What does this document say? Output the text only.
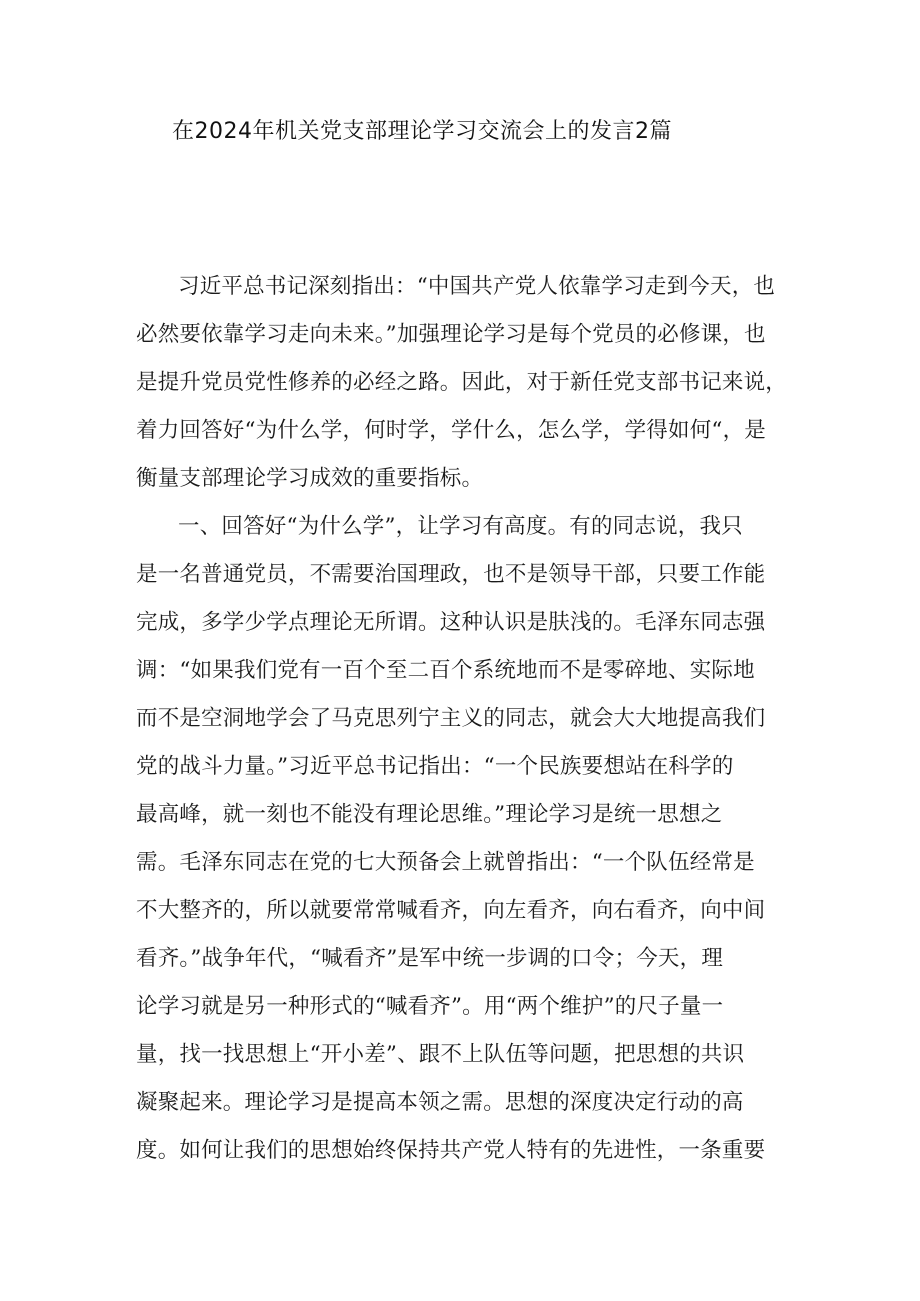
在2024年机关党支部理论学习交流会上的发言2篇

习近平总书记深刻指出：“中国共产党人依靠学习走到今天，也

必然要依靠学习走向未来。”加强理论学习是每个党员的必修课，也

是提升党员党性修养的必经之路。因此，对于新任党支部书记来说，

着力回答好“为什么学，何时学，学什么，怎么学，学得如何“，是

衡量支部理论学习成效的重要指标。

一、回答好“为什么学”，让学习有高度。有的同志说，我只

是一名普通党员，不需要治国理政，也不是领导干部，只要工作能

完成，多学少学点理论无所谓。这种认识是肤浅的。毛泽东同志强

调：“如果我们党有一百个至二百个系统地而不是零碎地、实际地

而不是空洞地学会了马克思列宁主义的同志，就会大大地提高我们

党的战斗力量。”习近平总书记指出：“一个民族要想站在科学的

最高峰，就一刻也不能没有理论思维。”理论学习是统一思想之

需。毛泽东同志在党的七大预备会上就曾指出：“一个队伍经常是

不大整齐的，所以就要常常喊看齐，向左看齐，向右看齐，向中间

看齐。”战争年代，“喊看齐”是军中统一步调的口令；今天，理

论学习就是另一种形式的“喊看齐”。用“两个维护”的尺子量一

量，找一找思想上“开小差”、跟不上队伍等问题，把思想的共识

凝聚起来。理论学习是提高本领之需。思想的深度决定行动的高

度。如何让我们的思想始终保持共产党人特有的先进性，一条重要
